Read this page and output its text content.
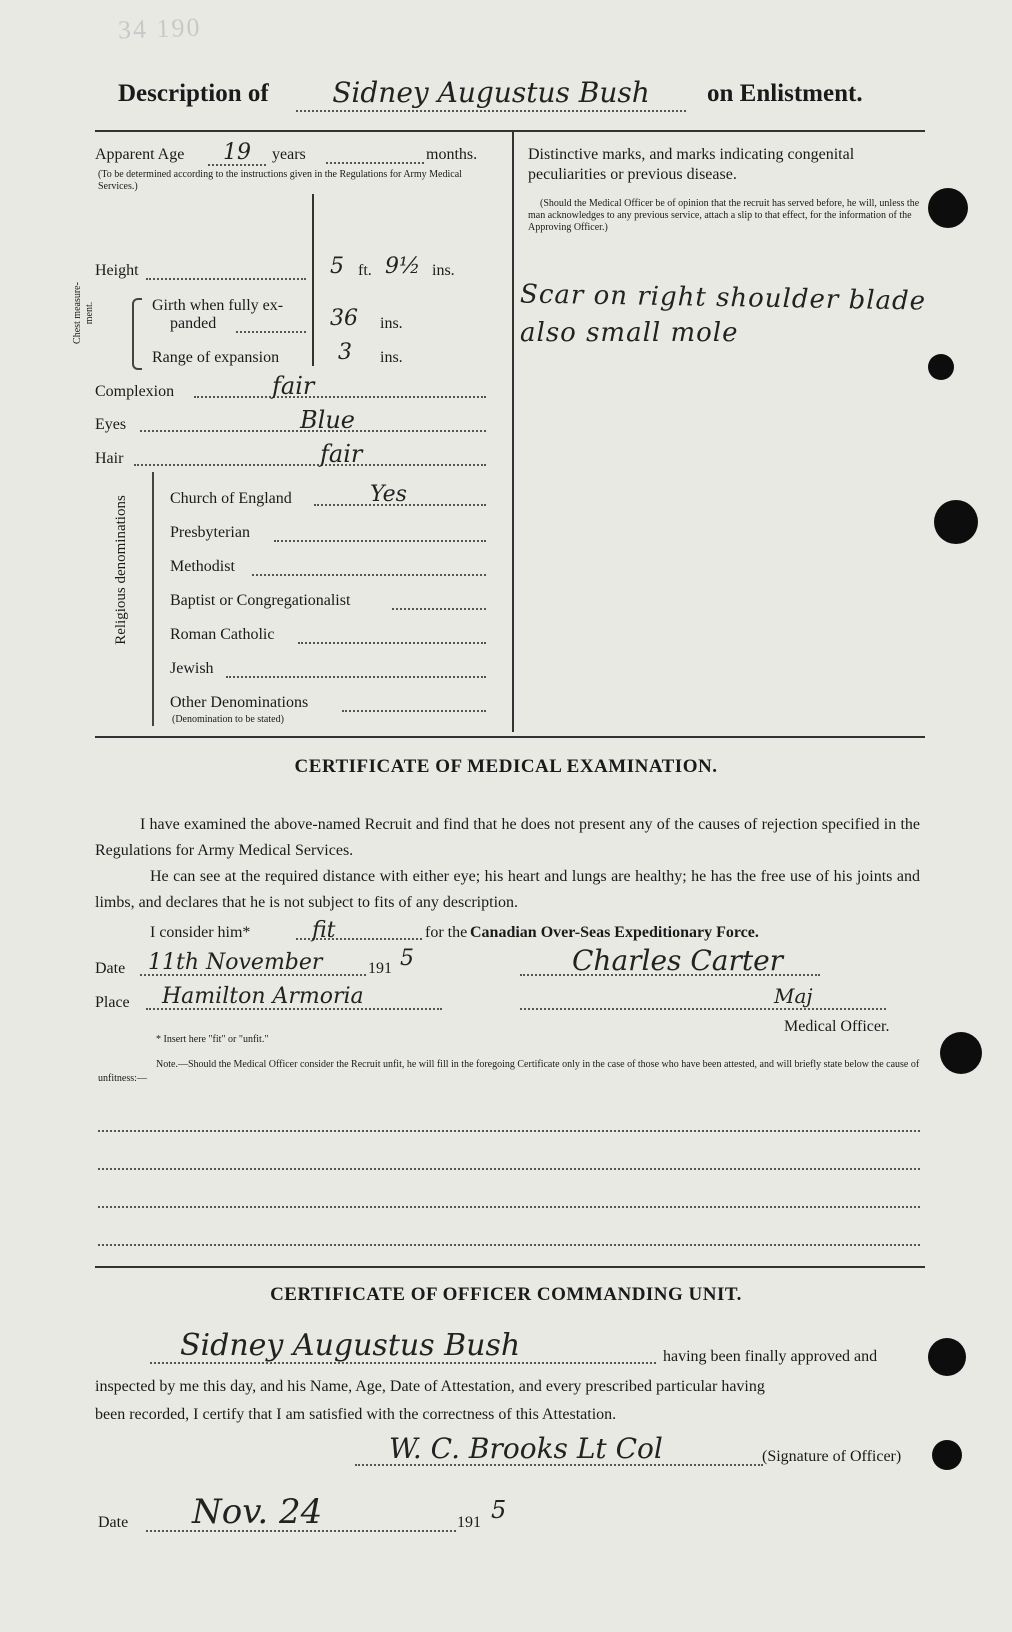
34 190
Description of	Sidney Augustus Bush	on Enlistment.
Apparent Age	19	years	months.
(To be determined according to the instructions given in the Regulations for Army Medical Services.)
Height	5 ft. 9½ ins.
Chest measure-ment.	Girth when fully ex-
panded	36 ins.
Range of expansion	3 ins.
Complexion	fair
Eyes	Blue
Hair	fair
Religious denominations	Church of England	Yes
Presbyterian
Methodist
Baptist or Congregationalist
Roman Catholic
Jewish
Other Denominations
(Denomination to be stated)
Distinctive marks, and marks indicating congenital
peculiarities or previous disease.
(Should the Medical Officer be of opinion that the recruit has served before, he will, unless the man acknowledges to any previous service, attach a slip to that effect, for the information of the Approving Officer.)
Scar on right shoulder blade
also small mole
CERTIFICATE OF MEDICAL EXAMINATION.
I have examined the above-named Recruit and find that he does not present any of the causes of rejection specified in the Regulations for Army Medical Services.
He can see at the required distance with either eye; his heart and lungs are healthy; he has the free use of his joints and limbs, and declares that he is not subject to fits of any description.
I consider him*	fit	for the Canadian Over-Seas Expeditionary Force.
Date	11th November	191 5	Charles Carter
Place	Hamilton Armoria	Maj
Medical Officer.
* Insert here "fit" or "unfit."
Note.—Should the Medical Officer consider the Recruit unfit, he will fill in the foregoing Certificate only in the case of those who have been attested, and will briefly state below the cause of unfitness:—
CERTIFICATE OF OFFICER COMMANDING UNIT.
Sidney Augustus Bush	having been finally approved and
inspected by me this day, and his Name, Age, Date of Attestation, and every prescribed particular having
been recorded, I certify that I am satisfied with the correctness of this Attestation.
W. C. Brooks Lt Col	(Signature of Officer)
Date	Nov. 24	191 5
